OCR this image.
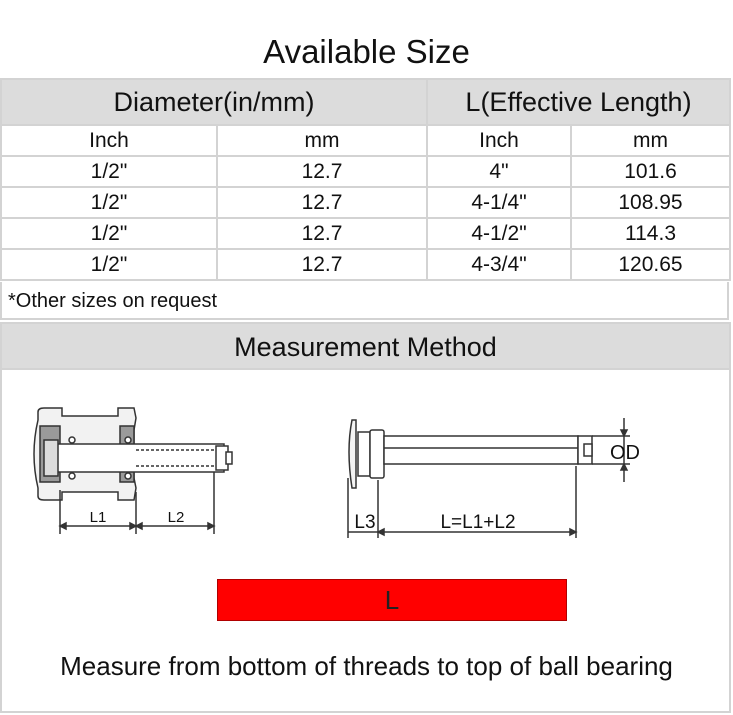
Available Size
Diameter(in/mm)		L(Effective Length)	
Inch	mm	Inch	mm
1/2"	12.7	4"	101.6
1/2"	12.7	4-1/4"	108.95
1/2"	12.7	4-1/2"	114.3
1/2"	12.7	4-3/4"	120.65
*Other sizes on request
Measurement Method
L1	L2	L3	L=L1+L2
OD
L
Measure from bottom of threads to top of ball bearing
